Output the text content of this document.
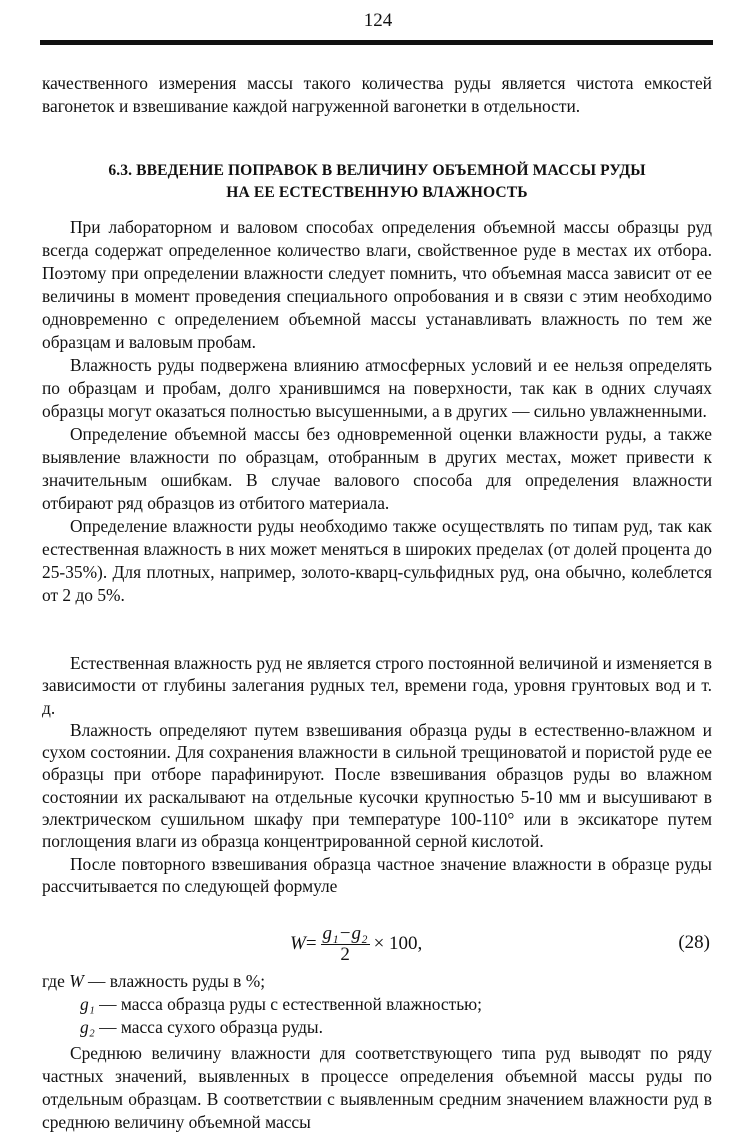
124

качественного измерения массы такого количества руды является чистота емкостей вагонеток и взвешивание каждой нагруженной вагонетки в отдельности.

6.3. ВВЕДЕНИЕ ПОПРАВОК В ВЕЛИЧИНУ ОБЪЕМНОЙ МАССЫ РУДЫ
НА ЕЕ ЕСТЕСТВЕННУЮ ВЛАЖНОСТЬ

При лабораторном и валовом способах определения объемной массы образцы руд всегда содержат определенное количество влаги, свойственное руде в местах их отбора. Поэтому при определении влажности следует помнить, что объемная масса зависит от ее величины в момент проведения специального опробования и в связи с этим необходимо одновременно с определением объемной массы устанавливать влажность по тем же образцам и валовым пробам.

Влажность руды подвержена влиянию атмосферных условий и ее нельзя определять по образцам и пробам, долго хранившимся на поверхности, так как в одних случаях образцы могут оказаться полностью высушенными, а в других — сильно увлажненными.

Определение объемной массы без одновременной оценки влажности руды, а также выявление влажности по образцам, отобранным в других местах, может привести к значительным ошибкам. В случае валового способа для определения влажности отбирают ряд образцов из отбитого материала.

Определение влажности руды необходимо также осуществлять по типам руд, так как естественная влажность в них может меняться в широких пределах (от долей процента до 25-35%). Для плотных, например, золото-кварц-сульфидных руд, она обычно, колеблется от 2 до 5%.

Естественная влажность руд не является строго постоянной величиной и изменяется в зависимости от глубины залегания рудных тел, времени года, уровня грунтовых вод и т. д.

Влажность определяют путем взвешивания образца руды в естественно-влажном и сухом состоянии. Для сохранения влажности в сильной трещиноватой и пористой руде ее образцы при отборе парафинируют. После взвешивания образцов руды во влажном состоянии их раскалывают на отдельные кусочки крупностью 5-10 мм и высушивают в электрическом сушильном шкафу при температуре 100-110° или в эксикаторе путем поглощения влаги из образца концентрированной серной кислотой.

После повторного взвешивания образца частное значение влажности в образце руды рассчитывается по следующей формуле

$W= \frac{\text{g₁−g₂}}{2} \times 100$,	(28)
где W — влажность руды в %;
g₁ — масса образца руды с естественной влажностью;
g₂ — масса сухого образца руды.

Среднюю величину влажности для соответствующего типа руд выводят по ряду частных значений, выявленных в процессе определения объемной массы руды по отдельным образцам. В соответствии с выявленным средним значением влажности руд в среднюю величину объемной массы
